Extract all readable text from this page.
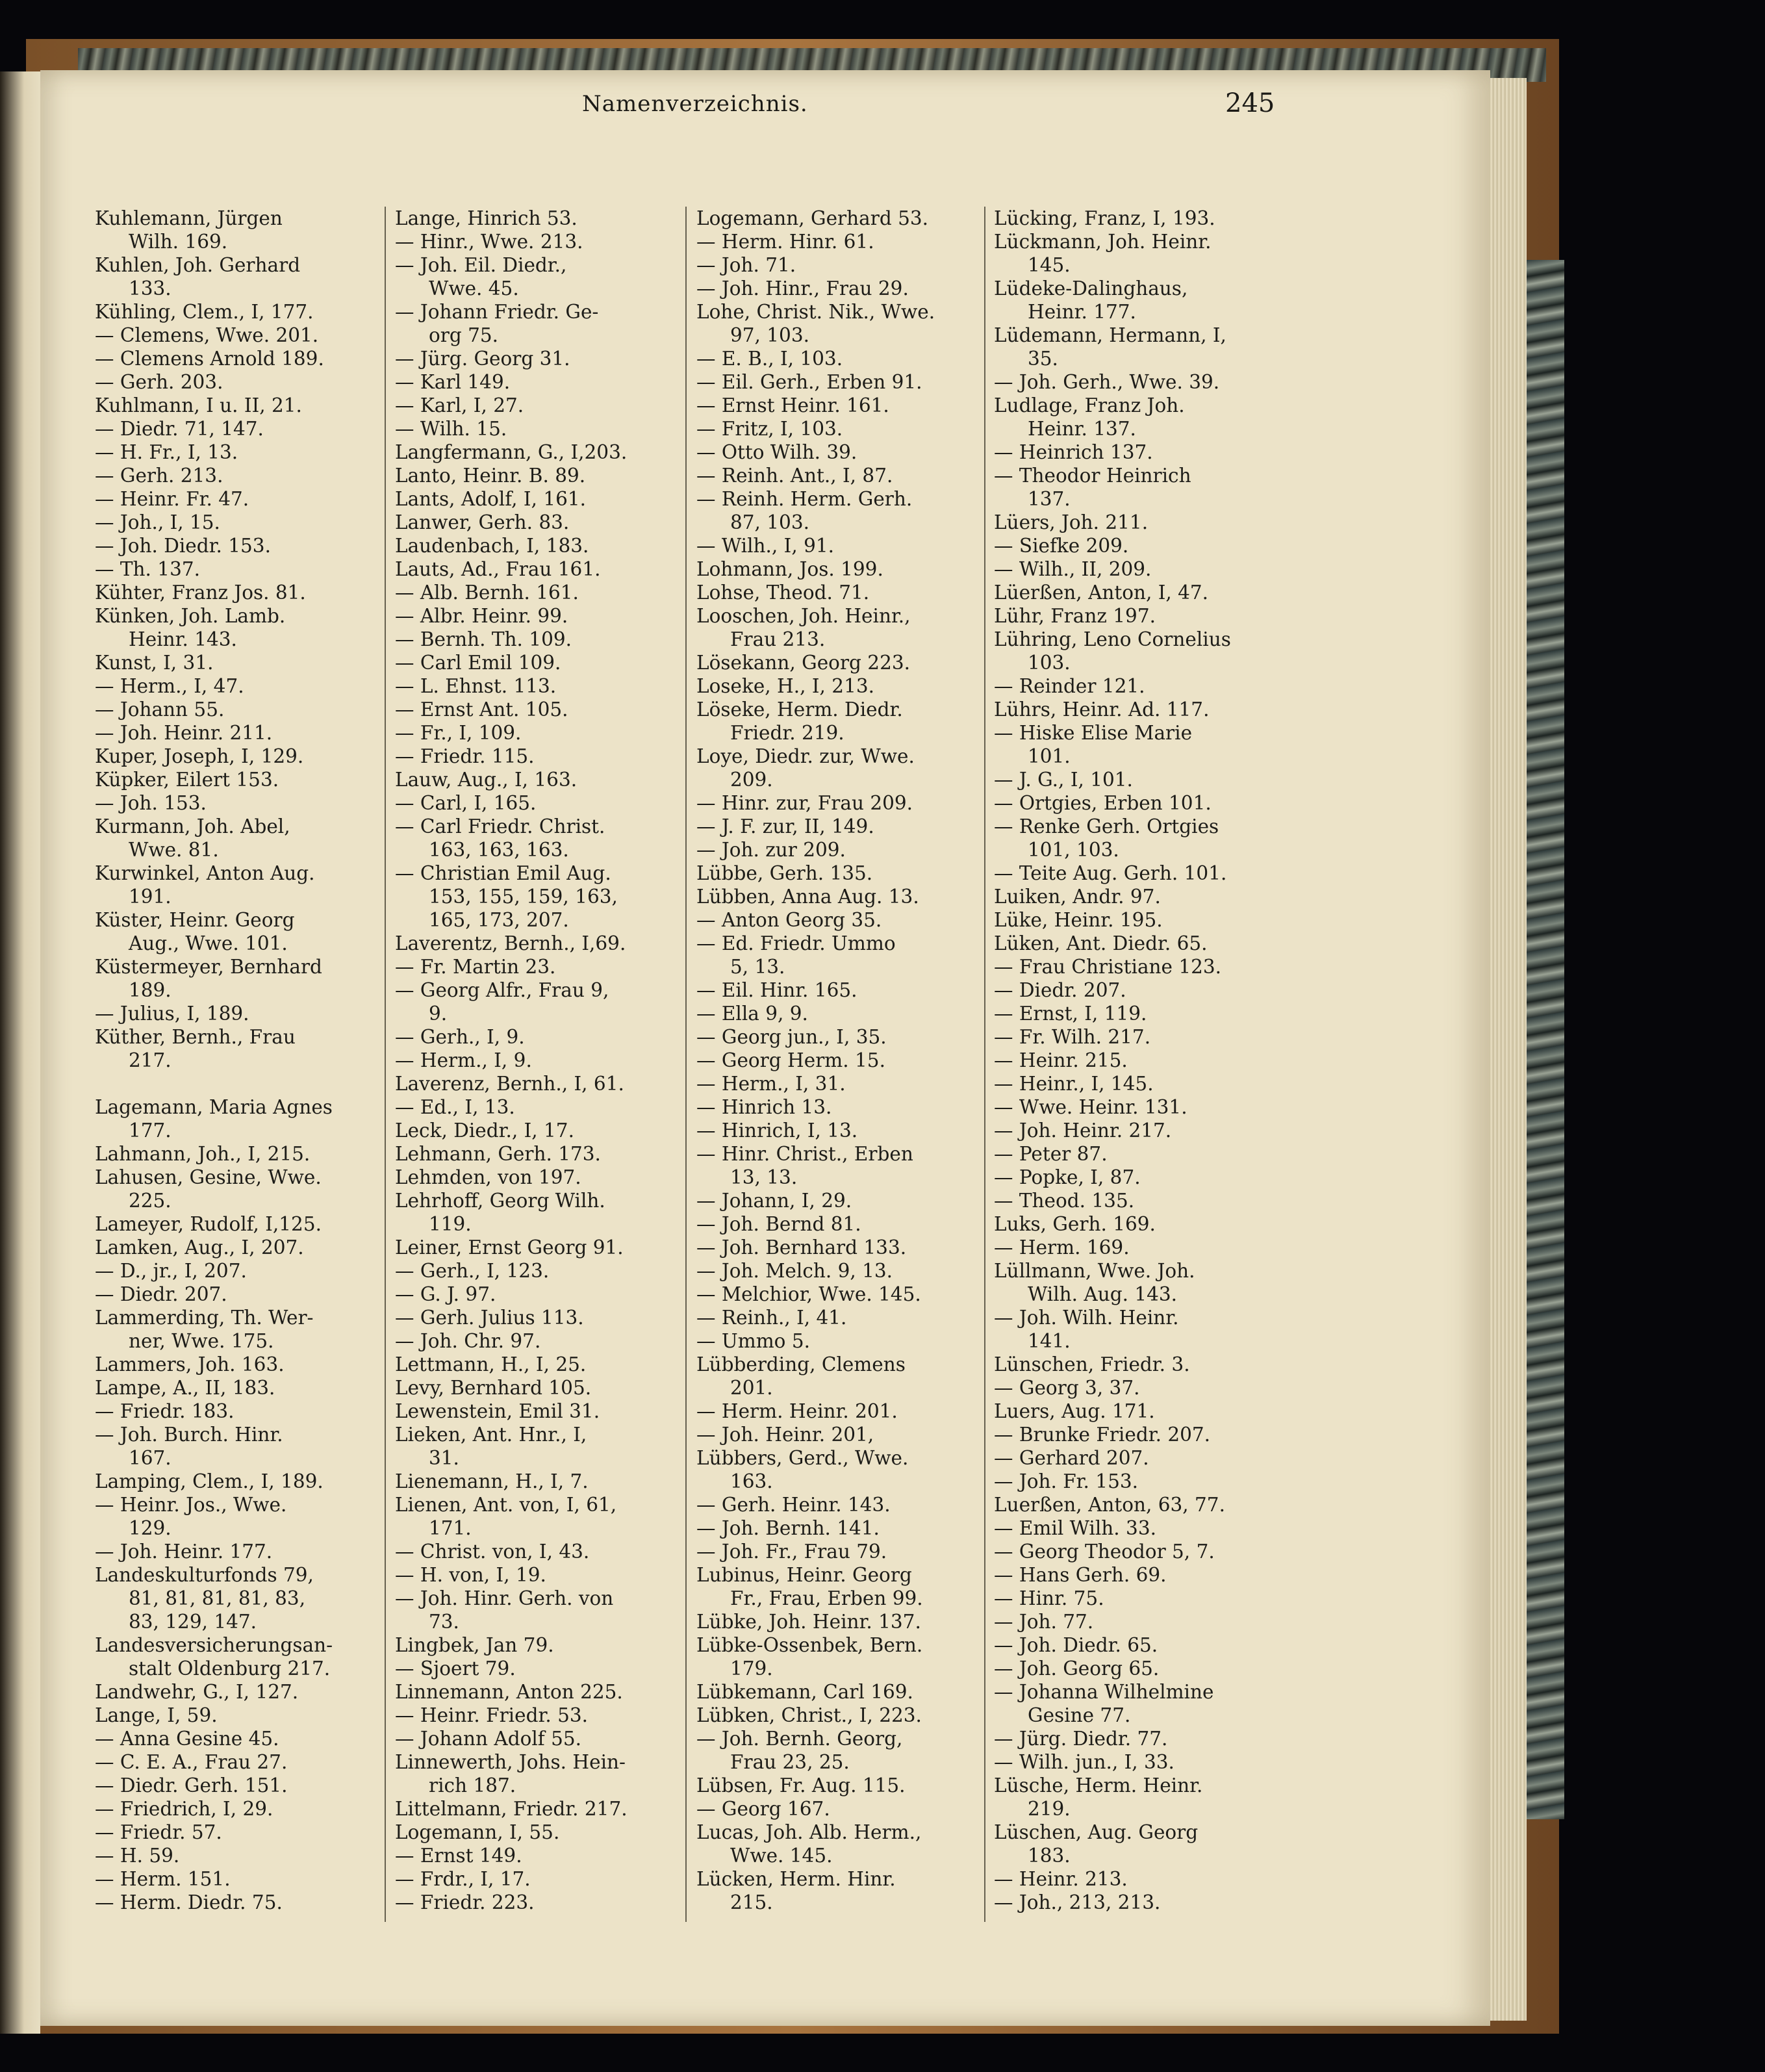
Namenverzeichnis.	245
Kuhlemann, Jürgen
Wilh. 169.
Kuhlen, Joh. Gerhard
133.
Kühling, Clem., I, 177.
— Clemens, Wwe. 201.
— Clemens Arnold 189.
— Gerh. 203.
Kuhlmann, I u. II, 21.
— Diedr. 71, 147.
— H. Fr., I, 13.
— Gerh. 213.
— Heinr. Fr. 47.
— Joh., I, 15.
— Joh. Diedr. 153.
— Th. 137.
Kühter, Franz Jos. 81.
Künken, Joh. Lamb.
Heinr. 143.
Kunst, I, 31.
— Herm., I, 47.
— Johann 55.
— Joh. Heinr. 211.
Kuper, Joseph, I, 129.
Küpker, Eilert 153.
— Joh. 153.
Kurmann, Joh. Abel,
Wwe. 81.
Kurwinkel, Anton Aug.
191.
Küster, Heinr. Georg
Aug., Wwe. 101.
Küstermeyer, Bernhard
189.
— Julius, I, 189.
Küther, Bernh., Frau
217.

Lagemann, Maria Agnes
177.
Lahmann, Joh., I, 215.
Lahusen, Gesine, Wwe.
225.
Lameyer, Rudolf, I,125.
Lamken, Aug., I, 207.
— D., jr., I, 207.
— Diedr. 207.
Lammerding, Th. Wer-
ner, Wwe. 175.
Lammers, Joh. 163.
Lampe, A., II, 183.
— Friedr. 183.
— Joh. Burch. Hinr.
167.
Lamping, Clem., I, 189.
— Heinr. Jos., Wwe.
129.
— Joh. Heinr. 177.
Landeskulturfonds 79,
81, 81, 81, 81, 83,
83, 129, 147.
Landesversicherungsan-
stalt Oldenburg 217.
Landwehr, G., I, 127.
Lange, I, 59.
— Anna Gesine 45.
— C. E. A., Frau 27.
— Diedr. Gerh. 151.
— Friedrich, I, 29.
— Friedr. 57.
— H. 59.
— Herm. 151.
— Herm. Diedr. 75.
Lange, Hinrich 53.
— Hinr., Wwe. 213.
— Joh. Eil. Diedr.,
Wwe. 45.
— Johann Friedr. Ge-
org 75.
— Jürg. Georg 31.
— Karl 149.
— Karl, I, 27.
— Wilh. 15.
Langfermann, G., I,203.
Lanto, Heinr. B. 89.
Lants, Adolf, I, 161.
Lanwer, Gerh. 83.
Laudenbach, I, 183.
Lauts, Ad., Frau 161.
— Alb. Bernh. 161.
— Albr. Heinr. 99.
— Bernh. Th. 109.
— Carl Emil 109.
— L. Ehnst. 113.
— Ernst Ant. 105.
— Fr., I, 109.
— Friedr. 115.
Lauw, Aug., I, 163.
— Carl, I, 165.
— Carl Friedr. Christ.
163, 163, 163.
— Christian Emil Aug.
153, 155, 159, 163,
165, 173, 207.
Laverentz, Bernh., I,69.
— Fr. Martin 23.
— Georg Alfr., Frau 9,
9.
— Gerh., I, 9.
— Herm., I, 9.
Laverenz, Bernh., I, 61.
— Ed., I, 13.
Leck, Diedr., I, 17.
Lehmann, Gerh. 173.
Lehmden, von 197.
Lehrhoff, Georg Wilh.
119.
Leiner, Ernst Georg 91.
— Gerh., I, 123.
— G. J. 97.
— Gerh. Julius 113.
— Joh. Chr. 97.
Lettmann, H., I, 25.
Levy, Bernhard 105.
Lewenstein, Emil 31.
Lieken, Ant. Hnr., I,
31.
Lienemann, H., I, 7.
Lienen, Ant. von, I, 61,
171.
— Christ. von, I, 43.
— H. von, I, 19.
— Joh. Hinr. Gerh. von
73.
Lingbek, Jan 79.
— Sjoert 79.
Linnemann, Anton 225.
— Heinr. Friedr. 53.
— Johann Adolf 55.
Linnewerth, Johs. Hein-
rich 187.
Littelmann, Friedr. 217.
Logemann, I, 55.
— Ernst 149.
— Frdr., I, 17.
— Friedr. 223.
Logemann, Gerhard 53.
— Herm. Hinr. 61.
— Joh. 71.
— Joh. Hinr., Frau 29.
Lohe, Christ. Nik., Wwe.
97, 103.
— E. B., I, 103.
— Eil. Gerh., Erben 91.
— Ernst Heinr. 161.
— Fritz, I, 103.
— Otto Wilh. 39.
— Reinh. Ant., I, 87.
— Reinh. Herm. Gerh.
87, 103.
— Wilh., I, 91.
Lohmann, Jos. 199.
Lohse, Theod. 71.
Looschen, Joh. Heinr.,
Frau 213.
Lösekann, Georg 223.
Loseke, H., I, 213.
Löseke, Herm. Diedr.
Friedr. 219.
Loye, Diedr. zur, Wwe.
209.
— Hinr. zur, Frau 209.
— J. F. zur, II, 149.
— Joh. zur 209.
Lübbe, Gerh. 135.
Lübben, Anna Aug. 13.
— Anton Georg 35.
— Ed. Friedr. Ummo
5, 13.
— Eil. Hinr. 165.
— Ella 9, 9.
— Georg jun., I, 35.
— Georg Herm. 15.
— Herm., I, 31.
— Hinrich 13.
— Hinrich, I, 13.
— Hinr. Christ., Erben
13, 13.
— Johann, I, 29.
— Joh. Bernd 81.
— Joh. Bernhard 133.
— Joh. Melch. 9, 13.
— Melchior, Wwe. 145.
— Reinh., I, 41.
— Ummo 5.
Lübberding, Clemens
201.
— Herm. Heinr. 201.
— Joh. Heinr. 201,
Lübbers, Gerd., Wwe.
163.
— Gerh. Heinr. 143.
— Joh. Bernh. 141.
— Joh. Fr., Frau 79.
Lubinus, Heinr. Georg
Fr., Frau, Erben 99.
Lübke, Joh. Heinr. 137.
Lübke-Ossenbek, Bern.
179.
Lübkemann, Carl 169.
Lübken, Christ., I, 223.
— Joh. Bernh. Georg,
Frau 23, 25.
Lübsen, Fr. Aug. 115.
— Georg 167.
Lucas, Joh. Alb. Herm.,
Wwe. 145.
Lücken, Herm. Hinr.
215.
Lücking, Franz, I, 193.
Lückmann, Joh. Heinr.
145.
Lüdeke-Dalinghaus,
Heinr. 177.
Lüdemann, Hermann, I,
35.
— Joh. Gerh., Wwe. 39.
Ludlage, Franz Joh.
Heinr. 137.
— Heinrich 137.
— Theodor Heinrich
137.
Lüers, Joh. 211.
— Siefke 209.
— Wilh., II, 209.
Lüerßen, Anton, I, 47.
Lühr, Franz 197.
Lühring, Leno Cornelius
103.
— Reinder 121.
Lührs, Heinr. Ad. 117.
— Hiske Elise Marie
101.
— J. G., I, 101.
— Ortgies, Erben 101.
— Renke Gerh. Ortgies
101, 103.
— Teite Aug. Gerh. 101.
Luiken, Andr. 97.
Lüke, Heinr. 195.
Lüken, Ant. Diedr. 65.
— Frau Christiane 123.
— Diedr. 207.
— Ernst, I, 119.
— Fr. Wilh. 217.
— Heinr. 215.
— Heinr., I, 145.
— Wwe. Heinr. 131.
— Joh. Heinr. 217.
— Peter 87.
— Popke, I, 87.
— Theod. 135.
Luks, Gerh. 169.
— Herm. 169.
Lüllmann, Wwe. Joh.
Wilh. Aug. 143.
— Joh. Wilh. Heinr.
141.
Lünschen, Friedr. 3.
— Georg 3, 37.
Luers, Aug. 171.
— Brunke Friedr. 207.
— Gerhard 207.
— Joh. Fr. 153.
Luerßen, Anton, 63, 77.
— Emil Wilh. 33.
— Georg Theodor 5, 7.
— Hans Gerh. 69.
— Hinr. 75.
— Joh. 77.
— Joh. Diedr. 65.
— Joh. Georg 65.
— Johanna Wilhelmine
Gesine 77.
— Jürg. Diedr. 77.
— Wilh. jun., I, 33.
Lüsche, Herm. Heinr.
219.
Lüschen, Aug. Georg
183.
— Heinr. 213.
— Joh., 213, 213.
